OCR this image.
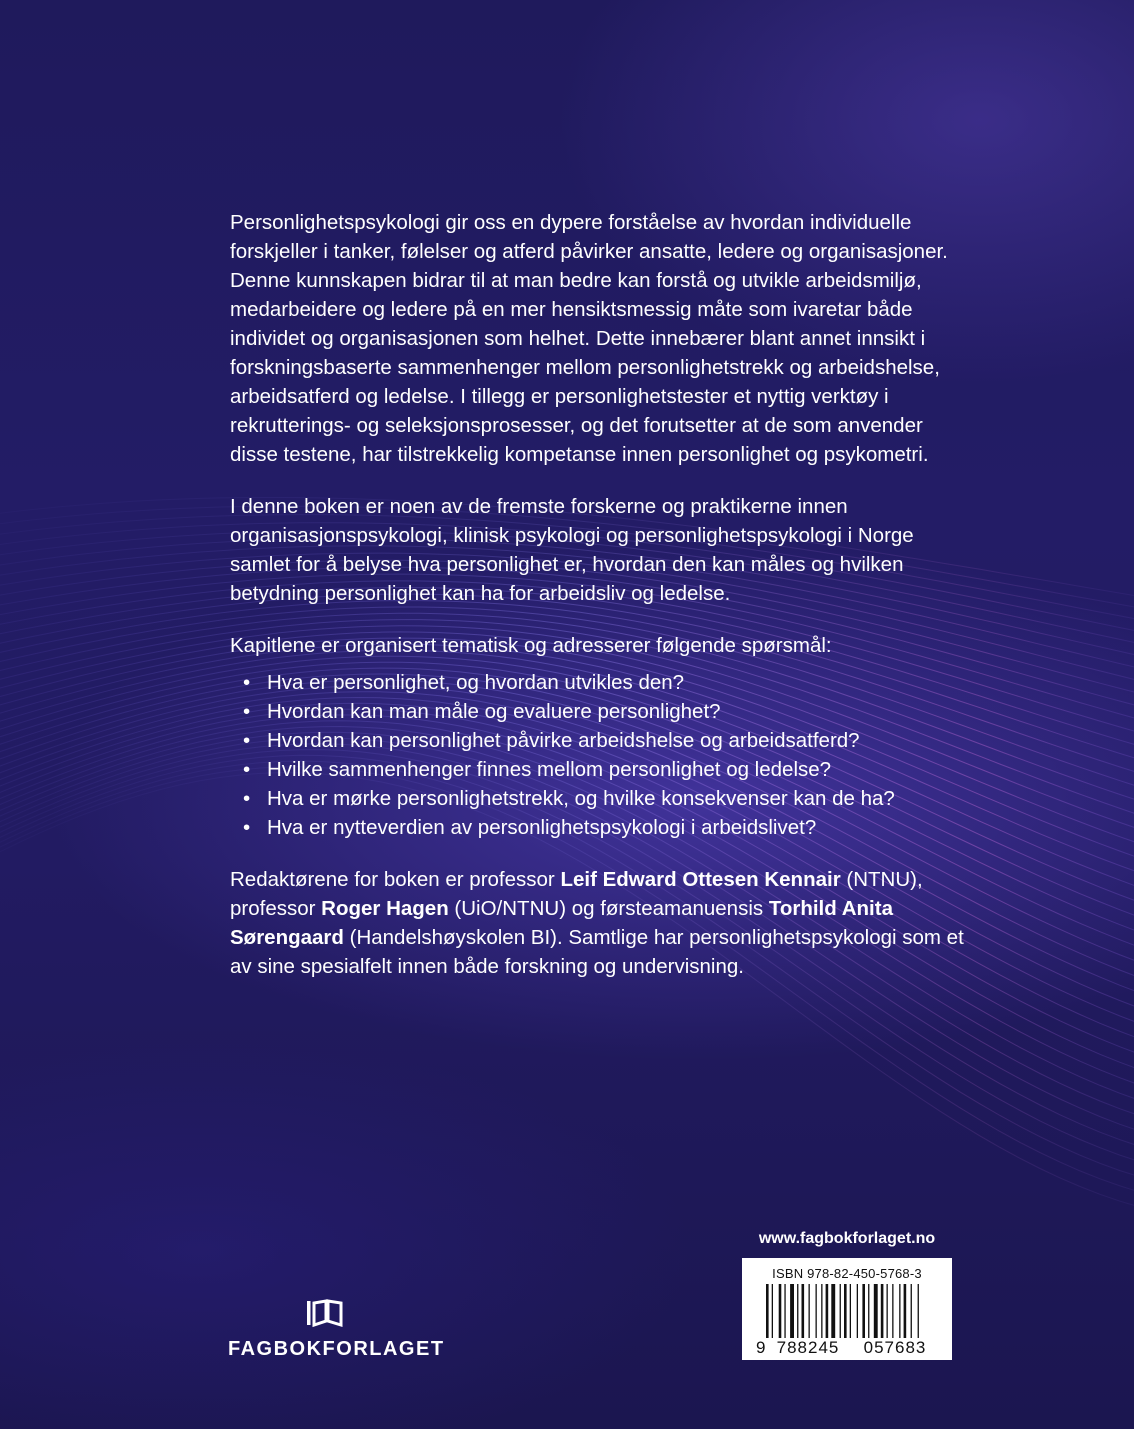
Personlighetspsykologi gir oss en dypere forståelse av hvordan individuelle forskjeller i tanker, følelser og atferd påvirker ansatte, ledere og organisasjoner. Denne kunnskapen bidrar til at man bedre kan forstå og utvikle arbeidsmiljø, medarbeidere og ledere på en mer hensiktsmessig måte som ivaretar både individet og organisasjonen som helhet. Dette innebærer blant annet innsikt i forskningsbaserte sammenhenger mellom personlighetstrekk og arbeidshelse, arbeidsatferd og ledelse. I tillegg er personlighetstester et nyttig verktøy i rekrutterings- og seleksjonsprosesser, og det forutsetter at de som anvender disse testene, har tilstrekkelig kompetanse innen personlighet og psykometri.

I denne boken er noen av de fremste forskerne og praktikerne innen organisasjonspsykologi, klinisk psykologi og personlighetspsykologi i Norge samlet for å belyse hva personlighet er, hvordan den kan måles og hvilken betydning personlighet kan ha for arbeidsliv og ledelse.

Kapitlene er organisert tematisk og adresserer følgende spørsmål:

• Hva er personlighet, og hvordan utvikles den?
• Hvordan kan man måle og evaluere personlighet?
• Hvordan kan personlighet påvirke arbeidshelse og arbeidsatferd?
• Hvilke sammenhenger finnes mellom personlighet og ledelse?
• Hva er mørke personlighetstrekk, og hvilke konsekvenser kan de ha?
• Hva er nytteverdien av personlighetspsykologi i arbeidslivet?

Redaktørene for boken er professor Leif Edward Ottesen Kennair (NTNU), professor Roger Hagen (UiO/NTNU) og førsteamanuensis Torhild Anita Sørengaard (Handelshøyskolen BI). Samtlige har personlighetspsykologi som et av sine spesialfelt innen både forskning og undervisning.

www.fagbokforlaget.no
ISBN 978-82-450-5768-3
9 788245 057683
FAGBOKFORLAGET
